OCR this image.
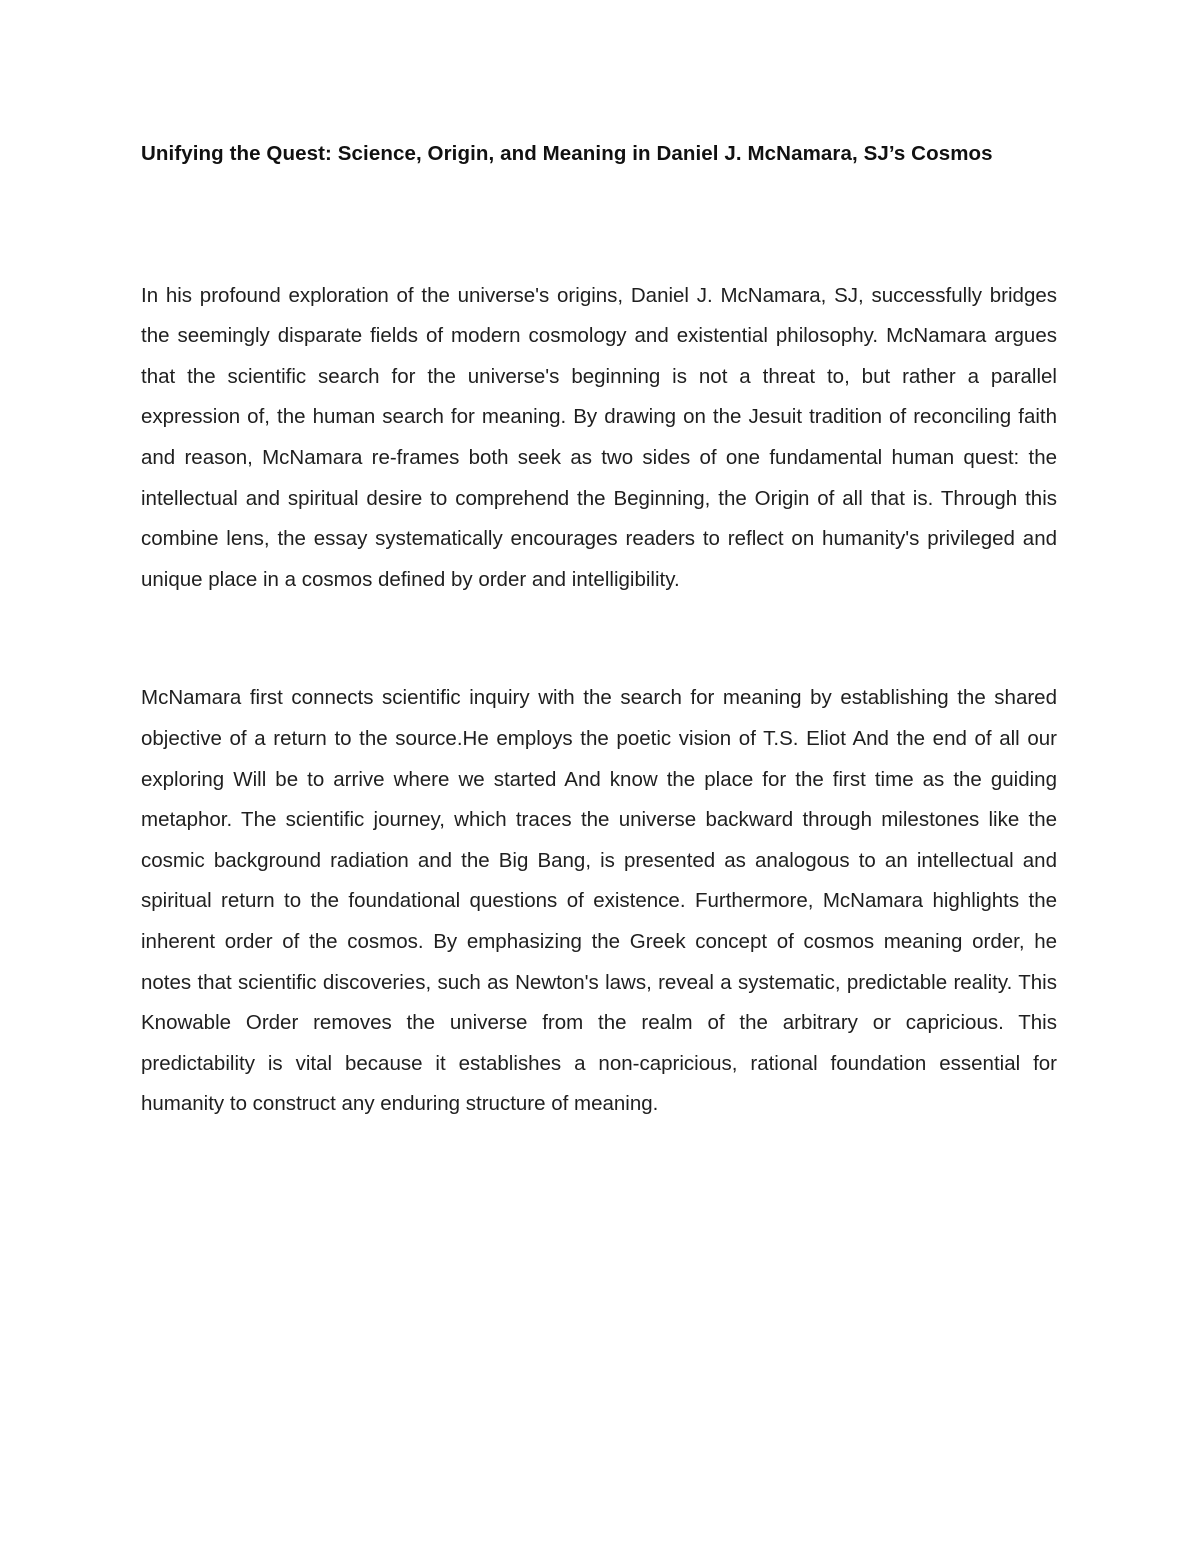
Unifying the Quest: Science, Origin, and Meaning in Daniel J. McNamara, SJ’s Cosmos

In his profound exploration of the universe's origins, Daniel J. McNamara, SJ, successfully bridges the seemingly disparate fields of modern cosmology and existential philosophy. McNamara argues that the scientific search for the universe's beginning is not a threat to, but rather a parallel expression of, the human search for meaning. By drawing on the Jesuit tradition of reconciling faith and reason, McNamara re-frames both seek as two sides of one fundamental human quest: the intellectual and spiritual desire to comprehend the Beginning, the Origin of all that is. Through this combine lens, the essay systematically encourages readers to reflect on humanity's privileged and unique place in a cosmos defined by order and intelligibility.

McNamara first connects scientific inquiry with the search for meaning by establishing the shared objective of a return to the source.He employs the poetic vision of T.S. Eliot And the end of all our exploring Will be to arrive where we started And know the place for the first time as the guiding metaphor. The scientific journey, which traces the universe backward through milestones like the cosmic background radiation and the Big Bang, is presented as analogous to an intellectual and spiritual return to the foundational questions of existence. Furthermore, McNamara highlights the inherent order of the cosmos. By emphasizing the Greek concept of cosmos meaning order, he notes that scientific discoveries, such as Newton's laws, reveal a systematic, predictable reality. This Knowable Order removes the universe from the realm of the arbitrary or capricious. This predictability is vital because it establishes a non-capricious, rational foundation essential for humanity to construct any enduring structure of meaning.
